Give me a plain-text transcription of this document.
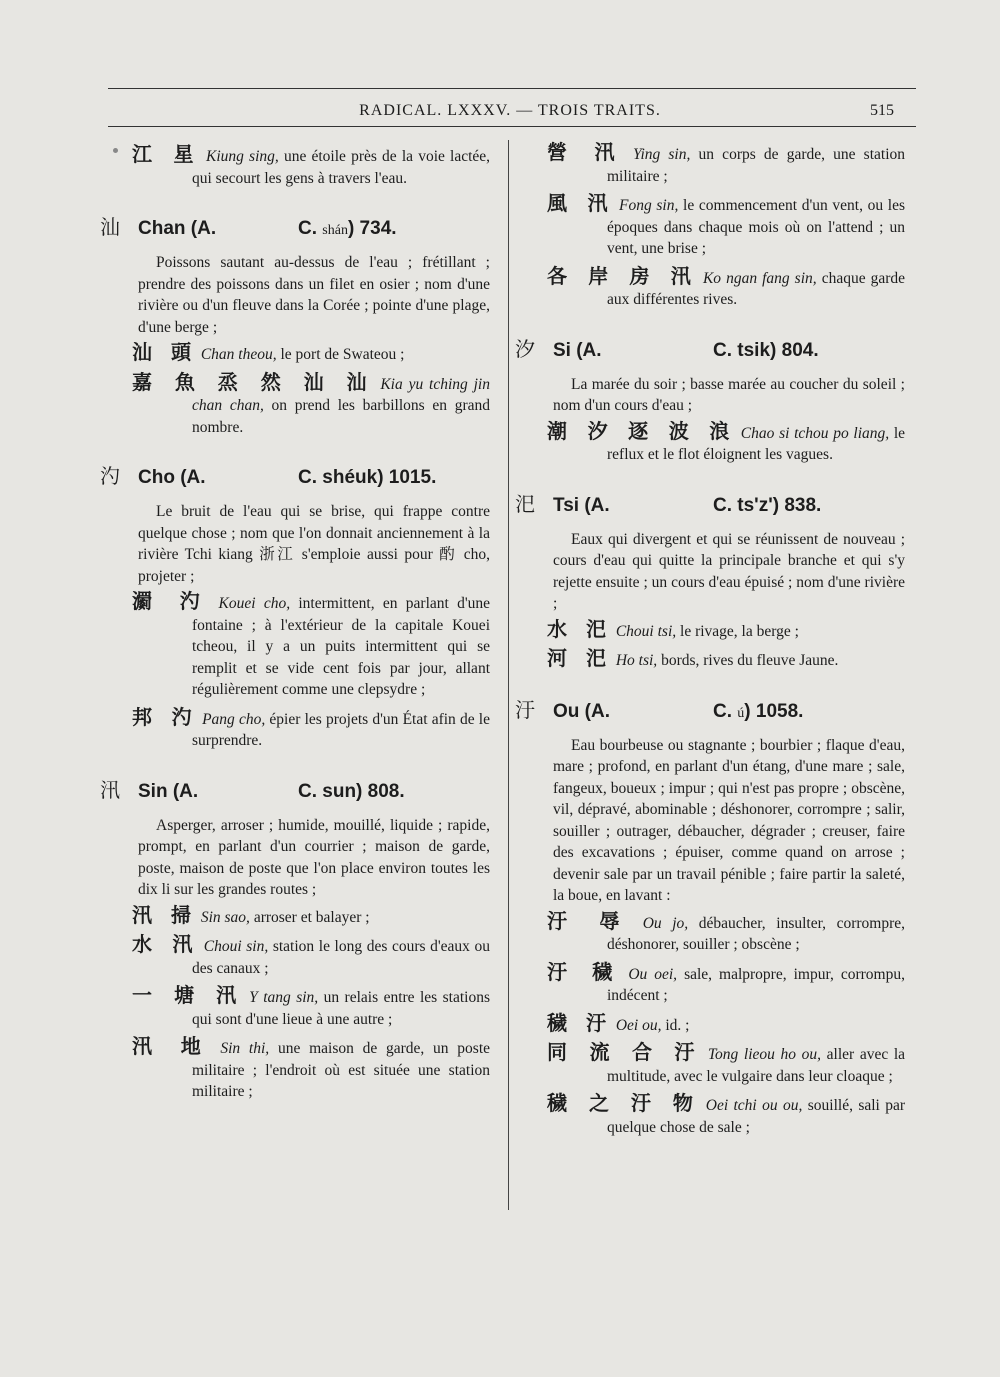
RADICAL. LXXXV. — TROIS TRAITS.	515
江 星 Kiung sing, une étoile près de la voie lactée, qui secourt les gens à travers l'eau.
汕 Chan (A.	C. shán) 734.
Poissons sautant au-dessus de l'eau ; frétillant ; prendre des poissons dans un filet en osier ; nom d'une rivière ou d'un fleuve dans la Corée ; pointe d'une plage, d'une berge ;
汕 頭 Chan theou, le port de Swateou ;
嘉 魚 烝 然 汕 汕 Kia yu tching jin chan chan, on prend les barbillons en grand nombre.
汋 Cho (A.	C. shéuk) 1015.
Le bruit de l'eau qui se brise, qui frappe contre quelque chose ; nom que l'on donnait anciennement à la rivière Tchi kiang 浙江 s'emploie aussi pour 酌 cho, projeter ;
瀱 汋 Kouei cho, intermittent, en parlant d'une fontaine ; à l'extérieur de la capitale Kouei tcheou, il y a un puits intermittent qui se remplit et se vide cent fois par jour, allant régulièrement comme une clepsydre ;
邦 汋 Pang cho, épier les projets d'un État afin de le surprendre.
汛 Sin (A.	C. sun) 808.
Asperger, arroser ; humide, mouillé, liquide ; rapide, prompt, en parlant d'un courrier ; maison de garde, poste, maison de poste que l'on place environ toutes les dix li sur les grandes routes ;
汛 掃 Sin sao, arroser et balayer ;
水 汛 Choui sin, station le long des cours d'eaux ou des canaux ;
一 塘 汛 Y tang sin, un relais entre les stations qui sont d'une lieue à une autre ;
汛 地 Sin thi, une maison de garde, un poste militaire ; l'endroit où est située une station militaire ;
營 汛 Ying sin, un corps de garde, une station militaire ;
風 汛 Fong sin, le commencement d'un vent, ou les époques dans chaque mois où on l'attend ; un vent, une brise ;
各 岸 房 汛 Ko ngan fang sin, chaque garde aux différentes rives.
汐 Si (A.	C. tsik) 804.
La marée du soir ; basse marée au coucher du soleil ; nom d'un cours d'eau ;
潮 汐 逐 波 浪 Chao si tchou po liang, le reflux et le flot éloignent les vagues.
汜 Tsi (A.	C. ts'z') 838.
Eaux qui divergent et qui se réunissent de nouveau ; cours d'eau qui quitte la principale branche et qui s'y rejette ensuite ; un cours d'eau épuisé ; nom d'une rivière ;
水 汜 Choui tsi, le rivage, la berge ;
河 汜 Ho tsi, bords, rives du fleuve Jaune.
汙 Ou (A.	C. ú) 1058.
Eau bourbeuse ou stagnante ; bourbier ; flaque d'eau, mare ; profond, en parlant d'un étang, d'une mare ; sale, fangeux, boueux ; impur ; qui n'est pas propre ; obscène, vil, dépravé, abominable ; déshonorer, corrompre ; salir, souiller ; outrager, débaucher, dégrader ; creuser, faire des excavations ; épuiser, comme quand on arrose ; devenir sale par un travail pénible ; faire partir la saleté, la boue, en lavant :
汙 辱 Ou jo, débaucher, insulter, corrompre, déshonorer, souiller ; obscène ;
汙 穢 Ou oei, sale, malpropre, impur, corrompu, indécent ;
穢 汙 Oei ou, id. ;
同 流 合 汙 Tong lieou ho ou, aller avec la multitude, avec le vulgaire dans leur cloaque ;
穢 之 汙 物 Oei tchi ou ou, souillé, sali par quelque chose de sale ;
